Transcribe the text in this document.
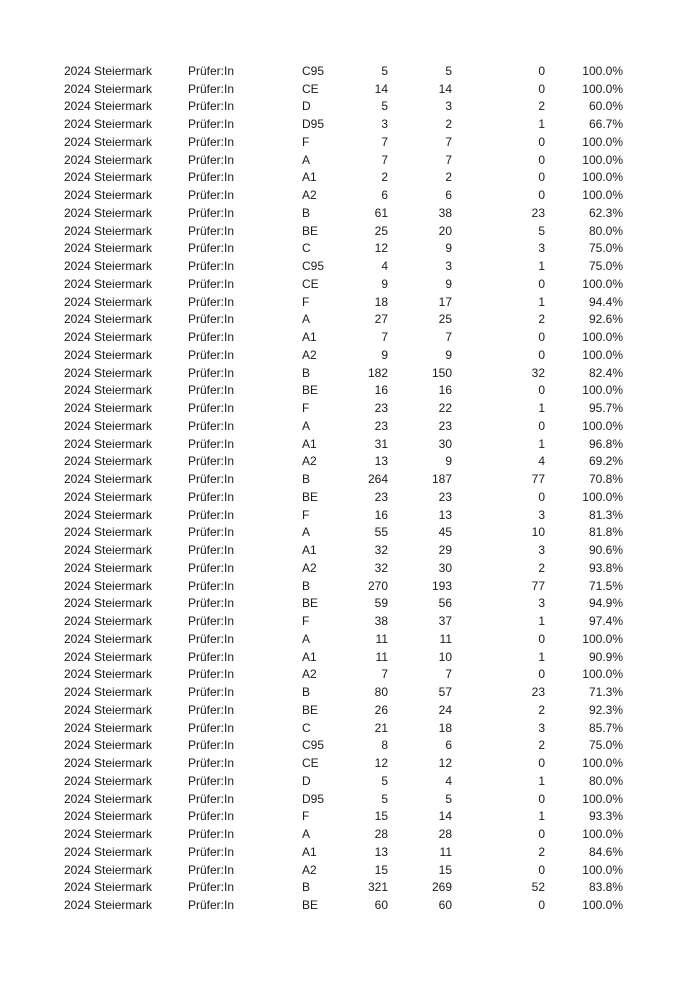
2024 Steiermark	Prüfer:In	C95	5	5	0	100.0%
2024 Steiermark	Prüfer:In	CE	14	14	0	100.0%
2024 Steiermark	Prüfer:In	D	5	3	2	60.0%
2024 Steiermark	Prüfer:In	D95	3	2	1	66.7%
2024 Steiermark	Prüfer:In	F	7	7	0	100.0%
2024 Steiermark	Prüfer:In	A	7	7	0	100.0%
2024 Steiermark	Prüfer:In	A1	2	2	0	100.0%
2024 Steiermark	Prüfer:In	A2	6	6	0	100.0%
2024 Steiermark	Prüfer:In	B	61	38	23	62.3%
2024 Steiermark	Prüfer:In	BE	25	20	5	80.0%
2024 Steiermark	Prüfer:In	C	12	9	3	75.0%
2024 Steiermark	Prüfer:In	C95	4	3	1	75.0%
2024 Steiermark	Prüfer:In	CE	9	9	0	100.0%
2024 Steiermark	Prüfer:In	F	18	17	1	94.4%
2024 Steiermark	Prüfer:In	A	27	25	2	92.6%
2024 Steiermark	Prüfer:In	A1	7	7	0	100.0%
2024 Steiermark	Prüfer:In	A2	9	9	0	100.0%
2024 Steiermark	Prüfer:In	B	182	150	32	82.4%
2024 Steiermark	Prüfer:In	BE	16	16	0	100.0%
2024 Steiermark	Prüfer:In	F	23	22	1	95.7%
2024 Steiermark	Prüfer:In	A	23	23	0	100.0%
2024 Steiermark	Prüfer:In	A1	31	30	1	96.8%
2024 Steiermark	Prüfer:In	A2	13	9	4	69.2%
2024 Steiermark	Prüfer:In	B	264	187	77	70.8%
2024 Steiermark	Prüfer:In	BE	23	23	0	100.0%
2024 Steiermark	Prüfer:In	F	16	13	3	81.3%
2024 Steiermark	Prüfer:In	A	55	45	10	81.8%
2024 Steiermark	Prüfer:In	A1	32	29	3	90.6%
2024 Steiermark	Prüfer:In	A2	32	30	2	93.8%
2024 Steiermark	Prüfer:In	B	270	193	77	71.5%
2024 Steiermark	Prüfer:In	BE	59	56	3	94.9%
2024 Steiermark	Prüfer:In	F	38	37	1	97.4%
2024 Steiermark	Prüfer:In	A	11	11	0	100.0%
2024 Steiermark	Prüfer:In	A1	11	10	1	90.9%
2024 Steiermark	Prüfer:In	A2	7	7	0	100.0%
2024 Steiermark	Prüfer:In	B	80	57	23	71.3%
2024 Steiermark	Prüfer:In	BE	26	24	2	92.3%
2024 Steiermark	Prüfer:In	C	21	18	3	85.7%
2024 Steiermark	Prüfer:In	C95	8	6	2	75.0%
2024 Steiermark	Prüfer:In	CE	12	12	0	100.0%
2024 Steiermark	Prüfer:In	D	5	4	1	80.0%
2024 Steiermark	Prüfer:In	D95	5	5	0	100.0%
2024 Steiermark	Prüfer:In	F	15	14	1	93.3%
2024 Steiermark	Prüfer:In	A	28	28	0	100.0%
2024 Steiermark	Prüfer:In	A1	13	11	2	84.6%
2024 Steiermark	Prüfer:In	A2	15	15	0	100.0%
2024 Steiermark	Prüfer:In	B	321	269	52	83.8%
2024 Steiermark	Prüfer:In	BE	60	60	0	100.0%
